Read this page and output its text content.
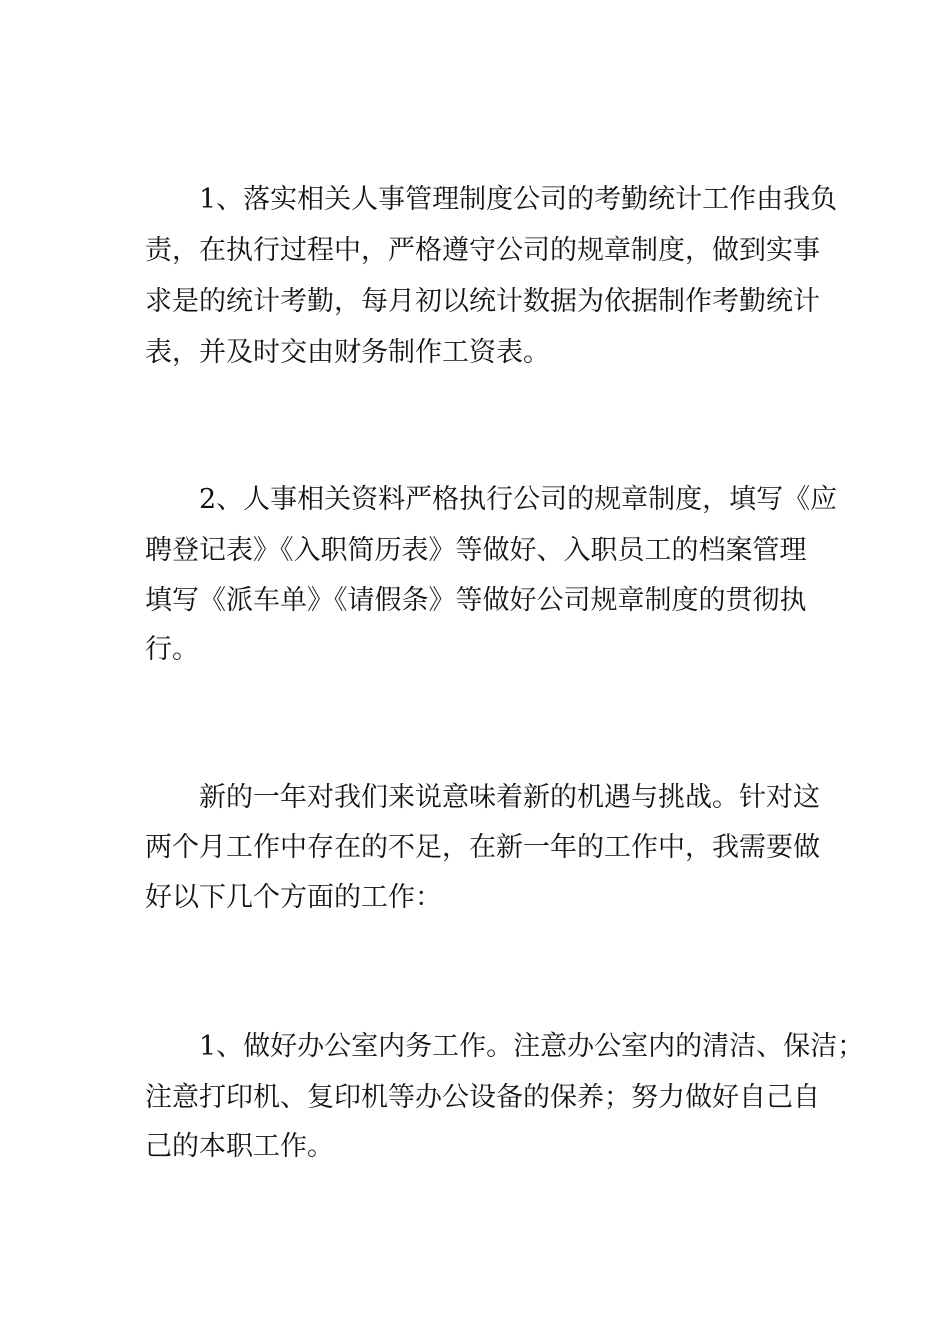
1、落实相关人事管理制度公司的考勤统计工作由我负

责，在执行过程中，严格遵守公司的规章制度，做到实事

求是的统计考勤，每月初以统计数据为依据制作考勤统计

表，并及时交由财务制作工资表。

2、人事相关资料严格执行公司的规章制度，填写《应

聘登记表》《入职简历表》等做好、入职员工的档案管理

填写《派车单》《请假条》等做好公司规章制度的贯彻执

行。

新的一年对我们来说意味着新的机遇与挑战。针对这

两个月工作中存在的不足，在新一年的工作中，我需要做

好以下几个方面的工作：

1、做好办公室内务工作。注意办公室内的清洁、保洁；

注意打印机、复印机等办公设备的保养；努力做好自己自

己的本职工作。
